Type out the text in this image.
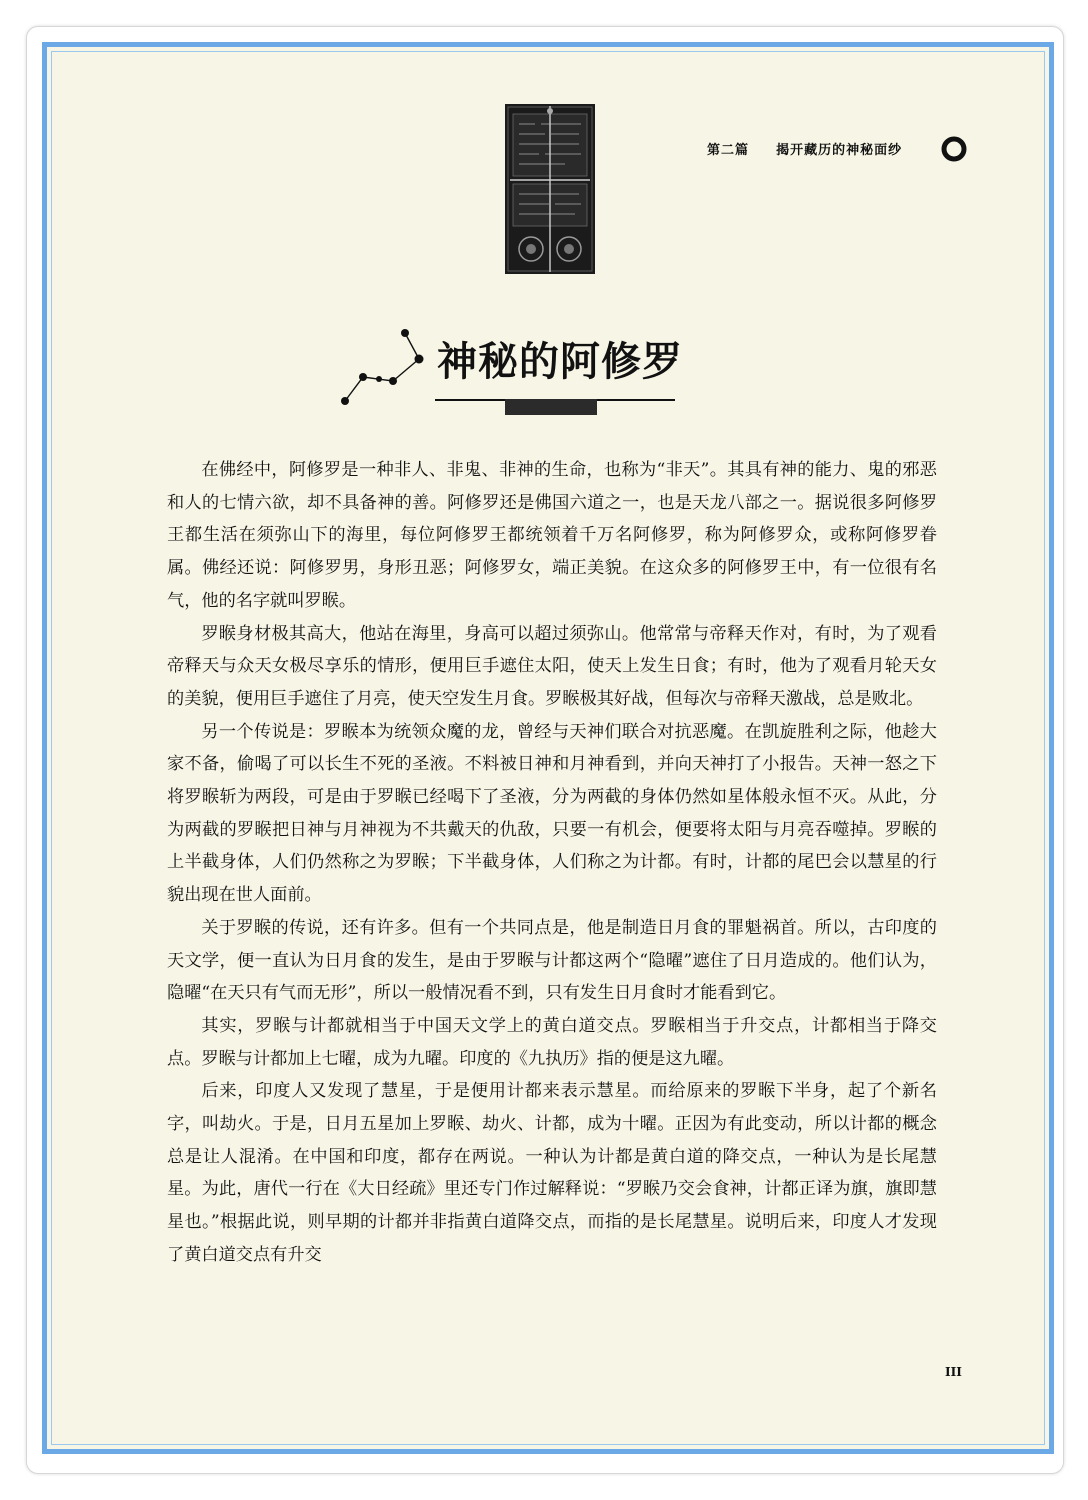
第二篇 揭开藏历的神秘面纱
神秘的阿修罗

在佛经中，阿修罗是一种非人、非鬼、非神的生命，也称为“非天”。其具有神的能力、鬼的邪恶和人的七情六欲，却不具备神的善。阿修罗还是佛国六道之一，也是天龙八部之一。据说很多阿修罗王都生活在须弥山下的海里，每位阿修罗王都统领着千万名阿修罗，称为阿修罗众，或称阿修罗眷属。佛经还说：阿修罗男，身形丑恶；阿修罗女，端正美貌。在这众多的阿修罗王中，有一位很有名气，他的名字就叫罗睺。

罗睺身材极其高大，他站在海里，身高可以超过须弥山。他常常与帝释天作对，有时，为了观看帝释天与众天女极尽享乐的情形，便用巨手遮住太阳，使天上发生日食；有时，他为了观看月轮天女的美貌，便用巨手遮住了月亮，使天空发生月食。罗睺极其好战，但每次与帝释天激战，总是败北。

另一个传说是：罗睺本为统领众魔的龙，曾经与天神们联合对抗恶魔。在凯旋胜利之际，他趁大家不备，偷喝了可以长生不死的圣液。不料被日神和月神看到，并向天神打了小报告。天神一怒之下将罗睺斩为两段，可是由于罗睺已经喝下了圣液，分为两截的身体仍然如星体般永恒不灭。从此，分为两截的罗睺把日神与月神视为不共戴天的仇敌，只要一有机会，便要将太阳与月亮吞噬掉。罗睺的上半截身体，人们仍然称之为罗睺；下半截身体，人们称之为计都。有时，计都的尾巴会以慧星的行貌出现在世人面前。

关于罗睺的传说，还有许多。但有一个共同点是，他是制造日月食的罪魁祸首。所以，古印度的天文学，便一直认为日月食的发生，是由于罗睺与计都这两个“隐曜”遮住了日月造成的。他们认为，隐曜“在天只有气而无形”，所以一般情况看不到，只有发生日月食时才能看到它。

其实，罗睺与计都就相当于中国天文学上的黄白道交点。罗睺相当于升交点，计都相当于降交点。罗睺与计都加上七曜，成为九曜。印度的《九执历》指的便是这九曜。

后来，印度人又发现了慧星，于是便用计都来表示慧星。而给原来的罗睺下半身，起了个新名字，叫劫火。于是，日月五星加上罗睺、劫火、计都，成为十曜。正因为有此变动，所以计都的概念总是让人混淆。在中国和印度，都存在两说。一种认为计都是黄白道的降交点，一种认为是长尾慧星。为此，唐代一行在《大日经疏》里还专门作过解释说：“罗睺乃交会食神，计都正译为旗，旗即慧星也。”根据此说，则早期的计都并非指黄白道降交点，而指的是长尾慧星。说明后来，印度人才发现了黄白道交点有升交

III
